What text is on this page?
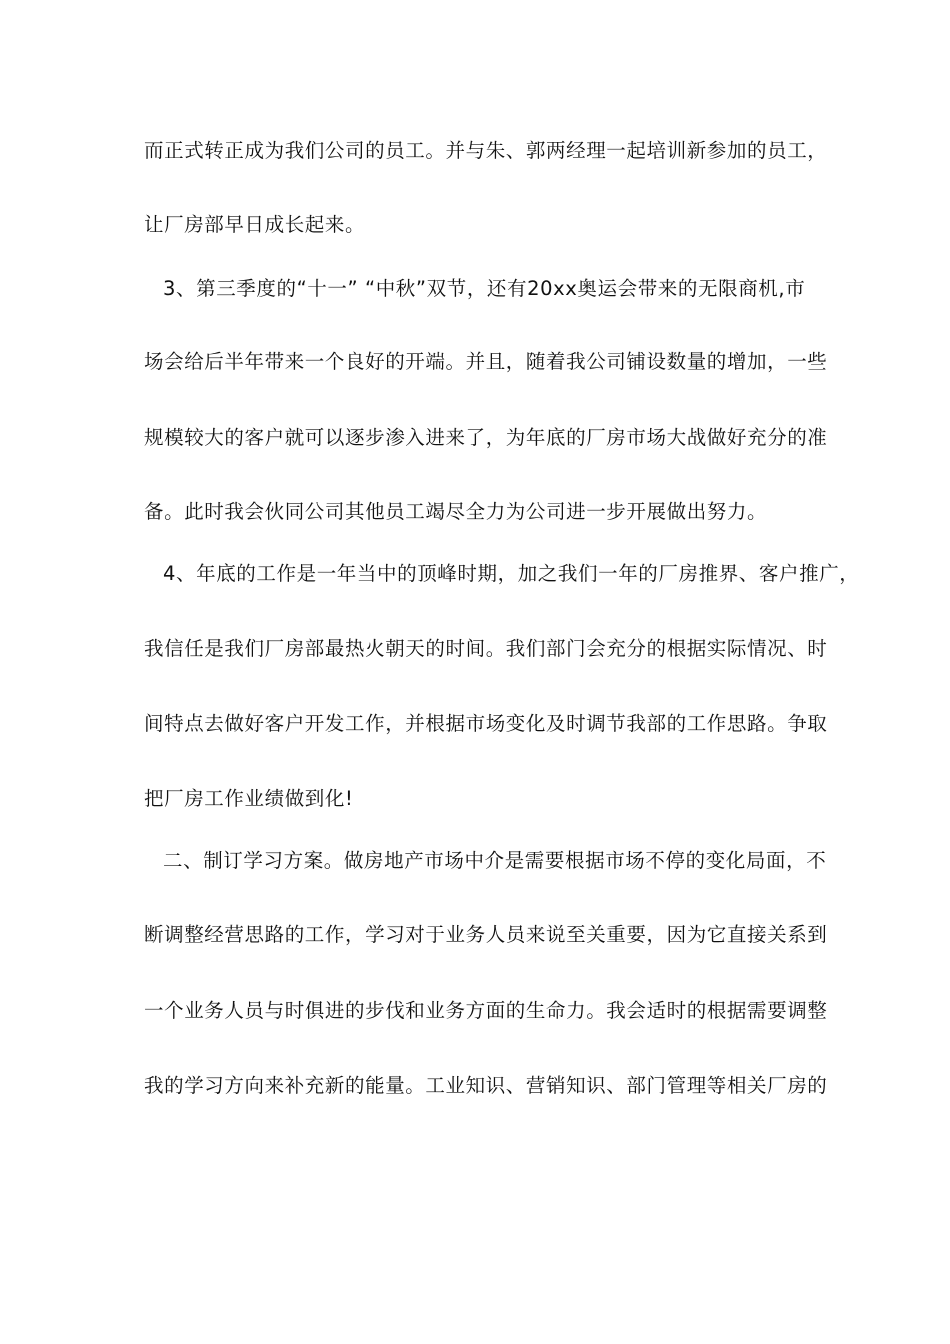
而正式转正成为我们公司的员工。并与朱、郭两经理一起培训新参加的员工，
让厂房部早日成长起来。
3、第三季度的“十一” “中秋”双节，还有20xx奥运会带来的无限商机,市
场会给后半年带来一个良好的开端。并且，随着我公司铺设数量的增加，一些
规模较大的客户就可以逐步渗入进来了，为年底的厂房市场大战做好充分的准
备。此时我会伙同公司其他员工竭尽全力为公司进一步开展做出努力。
4、年底的工作是一年当中的顶峰时期，加之我们一年的厂房推界、客户推广，
我信任是我们厂房部最热火朝天的时间。我们部门会充分的根据实际情况、时
间特点去做好客户开发工作，并根据市场变化及时调节我部的工作思路。争取
把厂房工作业绩做到化!
二、制订学习方案。做房地产市场中介是需要根据市场不停的变化局面，不
断调整经营思路的工作，学习对于业务人员来说至关重要，因为它直接关系到
一个业务人员与时俱进的步伐和业务方面的生命力。我会适时的根据需要调整
我的学习方向来补充新的能量。工业知识、营销知识、部门管理等相关厂房的
